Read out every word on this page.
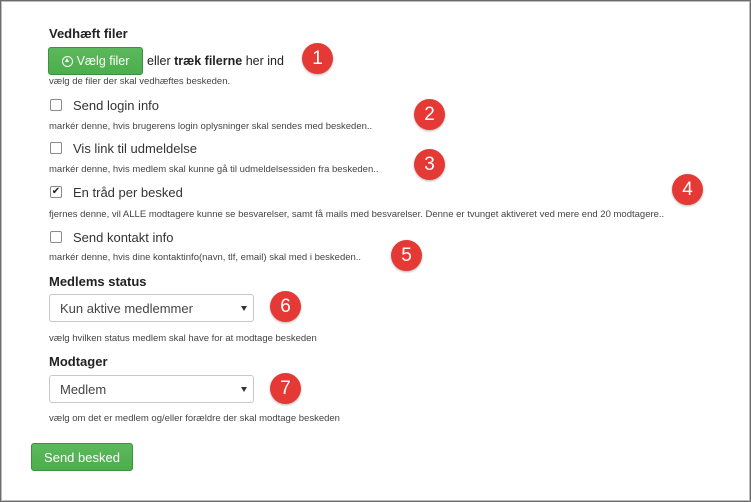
Vedhæft filer
Vælg filer eller træk filerne her ind
vælg de filer der skal vedhæftes beskeden.
Send login info
markér denne, hvis brugerens login oplysninger skal sendes med beskeden..
Vis link til udmeldelse
markér denne, hvis medlem skal kunne gå til udmeldelsessiden fra beskeden..
✔ En tråd per besked
fjernes denne, vil ALLE modtagere kunne se besvarelser, samt få mails med besvarelser. Denne er tvunget aktiveret ved mere end 20 modtagere..
Send kontakt info
markér denne, hvis dine kontaktinfo(navn, tlf, email) skal med i beskeden..
Medlems status
Kun aktive medlemmer
vælg hvilken status medlem skal have for at modtage beskeden
Modtager
Medlem
vælg om det er medlem og/eller forældre der skal modtage beskeden
Send besked
1
2
3
4
5
6
7
